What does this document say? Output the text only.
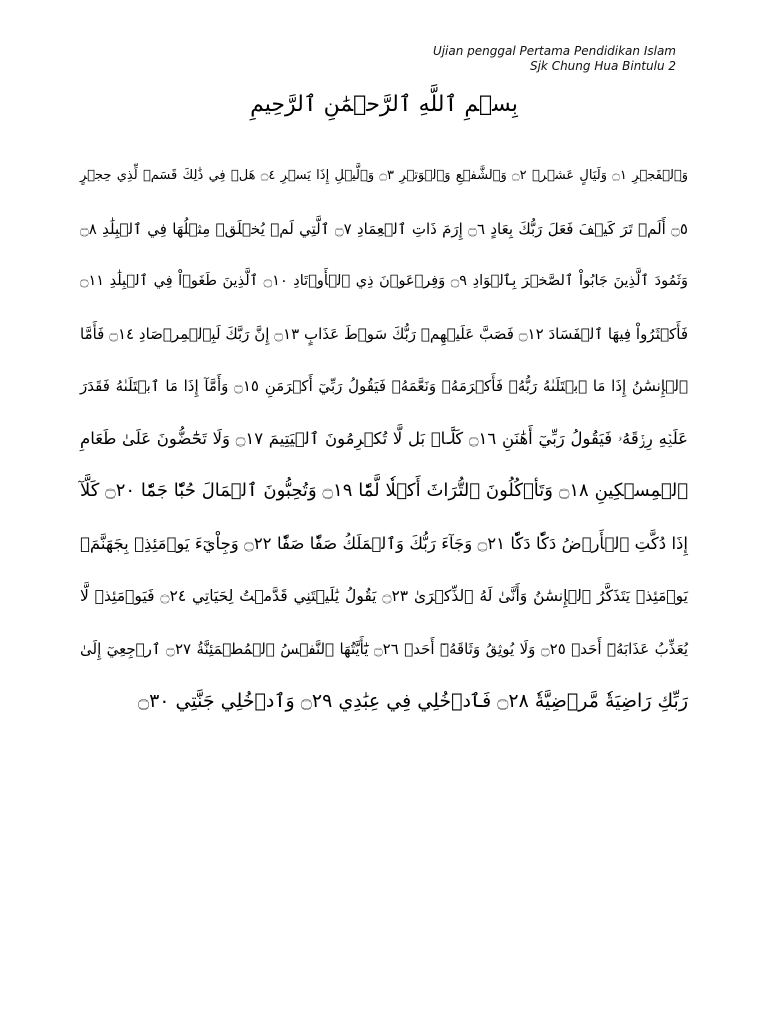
Ujian penggal Pertama Pendidikan Islam
Sjk Chung Hua Bintulu 2
بِسۡمِ ٱللَّهِ ٱلرَّحۡمَٰنِ ٱلرَّحِيمِ
وَٱلۡفَجۡرِ ۝١ وَلَيَالٍ عَشۡرٖ ۝٢ وَٱلشَّفۡعِ وَٱلۡوَتۡرِ ۝٣ وَٱلَّيۡلِ إِذَا يَسۡرِ ۝٤ هَلۡ فِي ذَٰلِكَ قَسَمٞ لِّذِي حِجۡرٍ
۝٥ أَلَمۡ تَرَ كَيۡفَ فَعَلَ رَبُّكَ بِعَادٍ ۝٦ إِرَمَ ذَاتِ ٱلۡعِمَادِ ۝٧ ٱلَّتِي لَمۡ يُخۡلَقۡ مِثۡلُهَا فِي ٱلۡبِلَٰدِ ۝٨
وَثَمُودَ ٱلَّذِينَ جَابُواْ ٱلصَّخۡرَ بِٱلۡوَادِ ۝٩ وَفِرۡعَوۡنَ ذِي ٱلۡأَوۡتَادِ ۝١٠ ٱلَّذِينَ طَغَوۡاْ فِي ٱلۡبِلَٰدِ ۝١١
فَأَكۡثَرُواْ فِيهَا ٱلۡفَسَادَ ۝١٢ فَصَبَّ عَلَيۡهِمۡ رَبُّكَ سَوۡطَ عَذَابٍ ۝١٣ إِنَّ رَبَّكَ لَبِٱلۡمِرۡصَادِ ۝١٤ فَأَمَّا
ٱلۡإِنسَٰنُ إِذَا مَا ٱبۡتَلَىٰهُ رَبُّهُۥ فَأَكۡرَمَهُۥ وَنَعَّمَهُۥ فَيَقُولُ رَبِّيٓ أَكۡرَمَنِ ۝١٥ وَأَمَّآ إِذَا مَا ٱبۡتَلَىٰهُ فَقَدَرَ
عَلَيۡهِ رِزۡقَهُۥ فَيَقُولُ رَبِّيٓ أَهَٰنَنِ ۝١٦ كَلَّاۖ بَل لَّا تُكۡرِمُونَ ٱلۡيَتِيمَ ۝١٧ وَلَا تَحَٰٓضُّونَ عَلَىٰ طَعَامِ
ٱلۡمِسۡكِينِ ۝١٨ وَتَأۡكُلُونَ ٱلتُّرَاثَ أَكۡلٗا لَّمّٗا ۝١٩ وَتُحِبُّونَ ٱلۡمَالَ حُبّٗا جَمّٗا ۝٢٠ كَلَّآ
إِذَا دُكَّتِ ٱلۡأَرۡضُ دَكّٗا دَكّٗا ۝٢١ وَجَآءَ رَبُّكَ وَٱلۡمَلَكُ صَفّٗا صَفّٗا ۝٢٢ وَجِاْيٓءَ يَوۡمَئِذِۭ بِجَهَنَّمَۚ
يَوۡمَئِذٖ يَتَذَكَّرُ ٱلۡإِنسَٰنُ وَأَنَّىٰ لَهُ ٱلذِّكۡرَىٰ ۝٢٣ يَقُولُ يَٰلَيۡتَنِي قَدَّمۡتُ لِحَيَاتِي ۝٢٤ فَيَوۡمَئِذٖ لَّا
يُعَذِّبُ عَذَابَهُۥٓ أَحَدٞ ۝٢٥ وَلَا يُوثِقُ وَثَاقَهُۥٓ أَحَدٞ ۝٢٦ يَٰٓأَيَّتُهَا ٱلنَّفۡسُ ٱلۡمُطۡمَئِنَّةُ ۝٢٧ ٱرۡجِعِيٓ إِلَىٰ
رَبِّكِ رَاضِيَةٗ مَّرۡضِيَّةٗ ۝٢٨ فَٱدۡخُلِي فِي عِبَٰدِي ۝٢٩ وَٱدۡخُلِي جَنَّتِي ۝٣٠
